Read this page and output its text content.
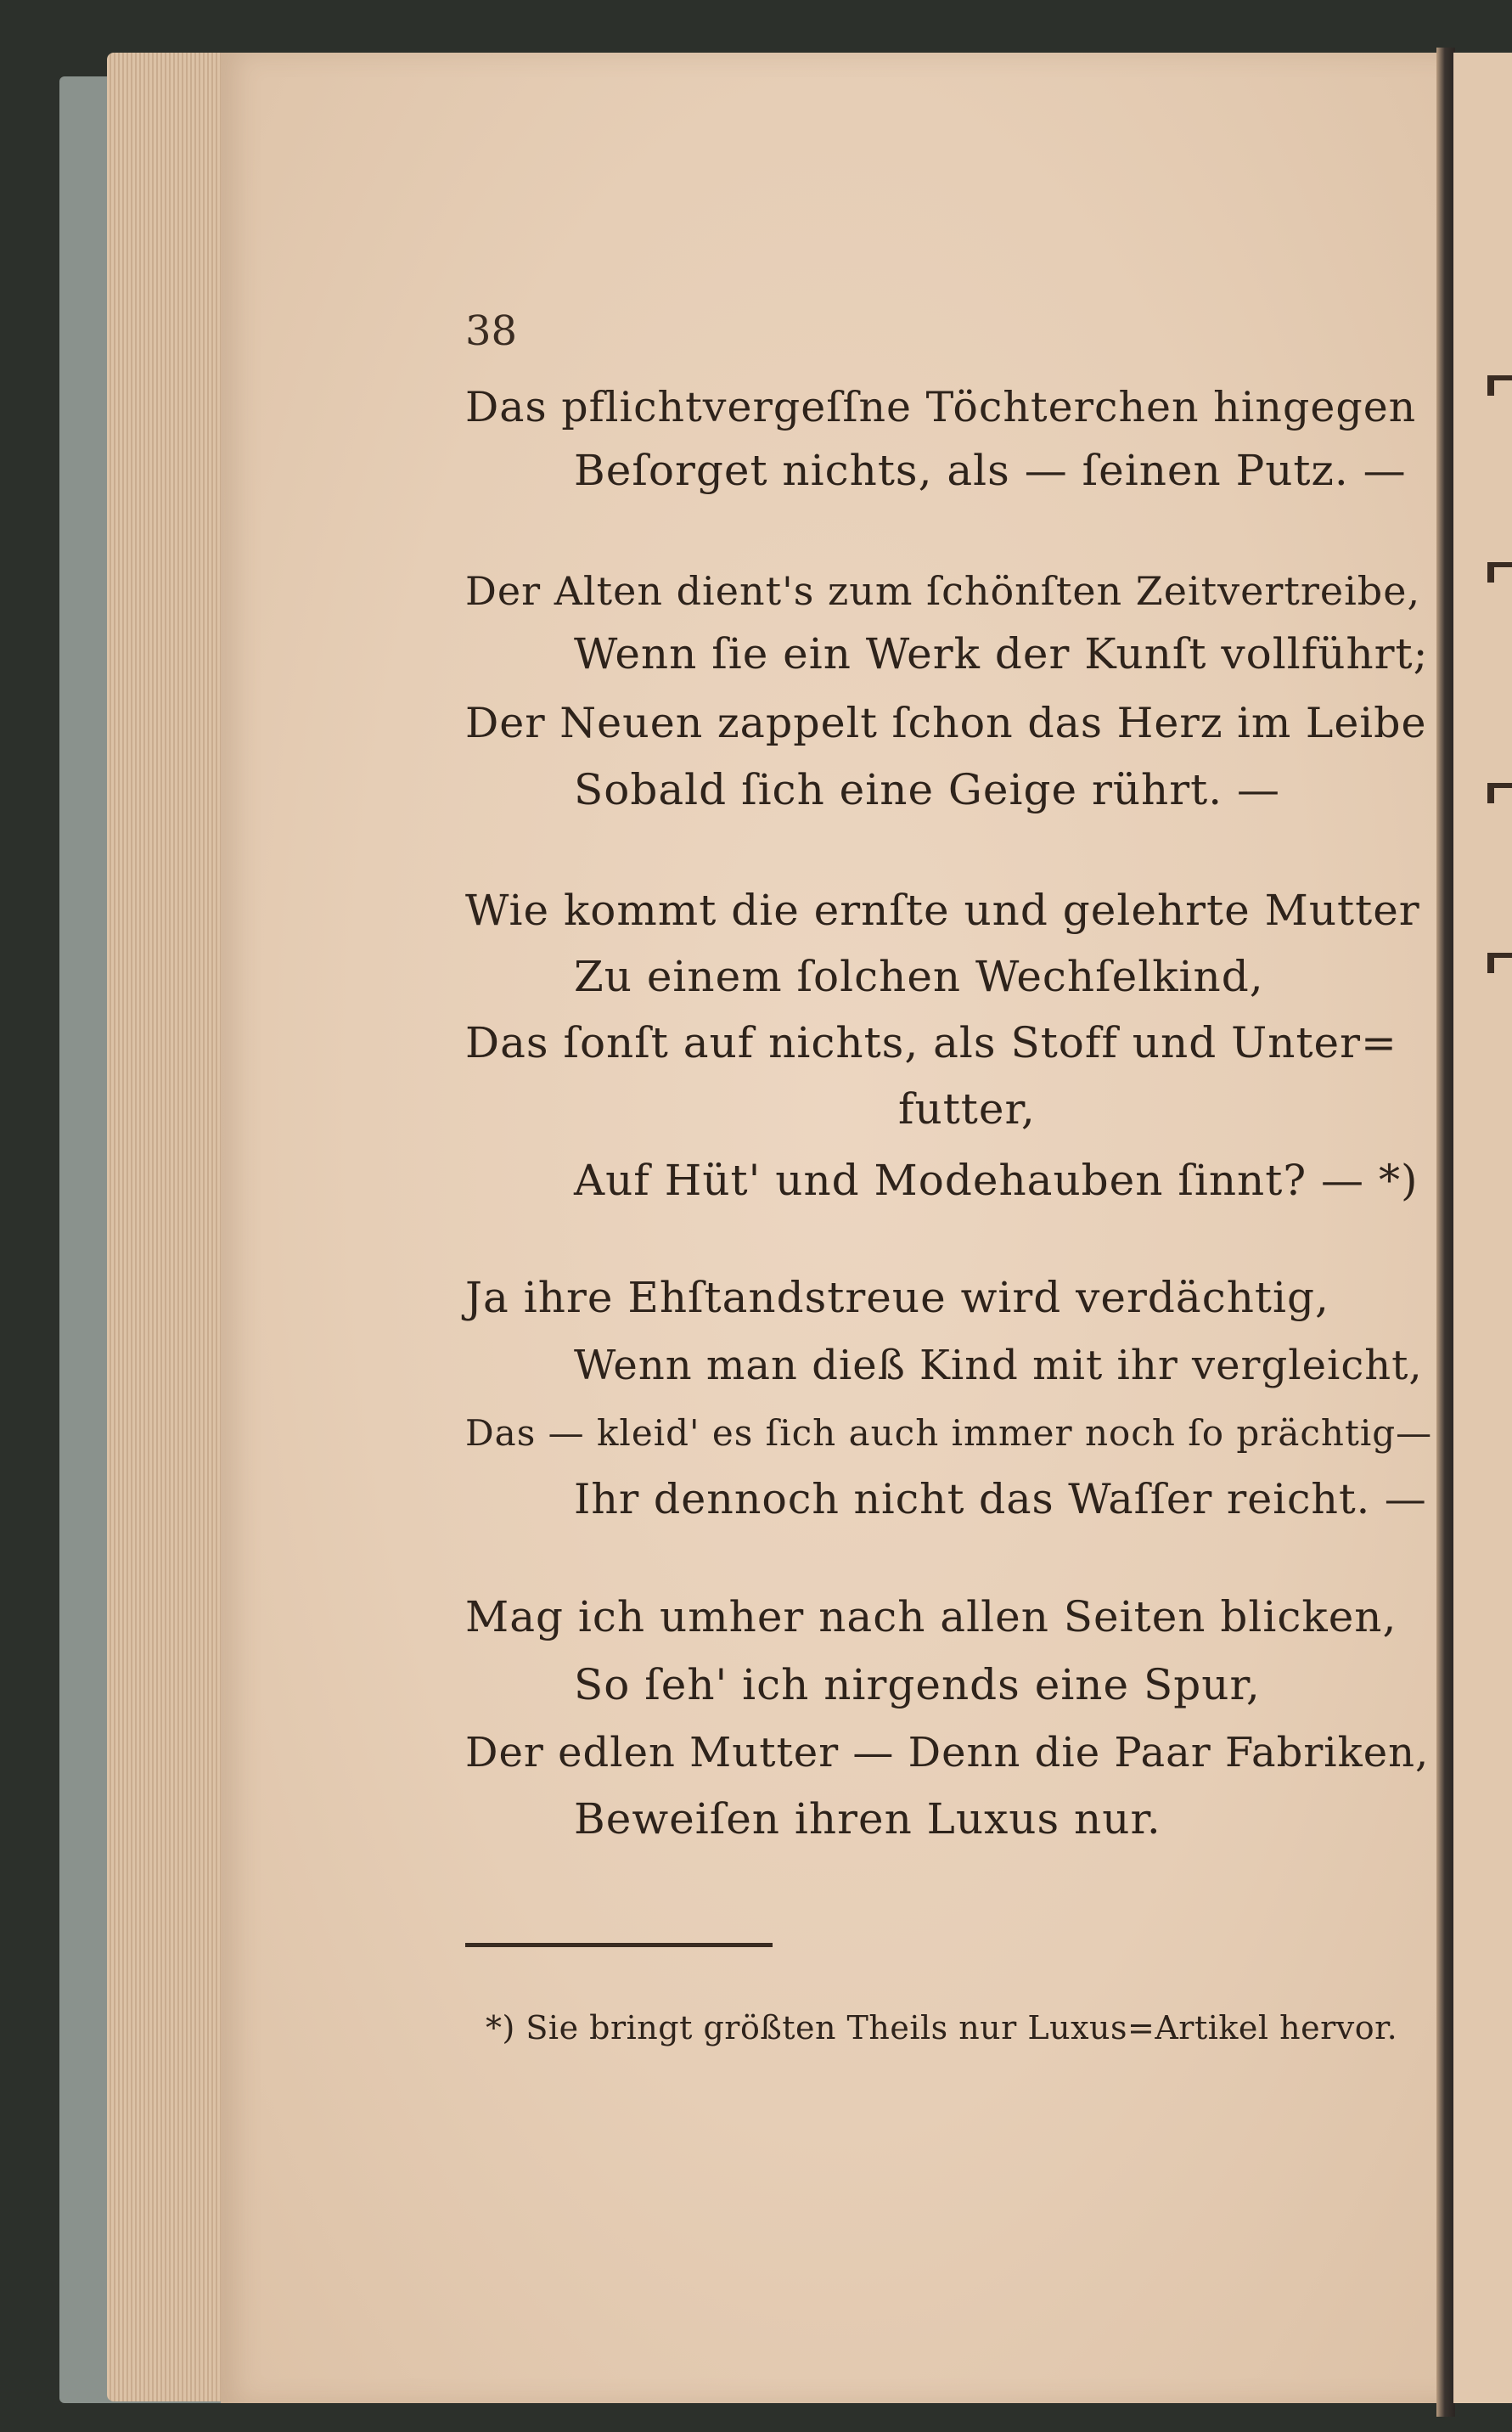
38
Das pflichtvergeſſne Töchterchen hingegen
Beſorget nichts, als — ſeinen Putz. —
Der Alten dient's zum ſchönſten Zeitvertreibe,
Wenn ſie ein Werk der Kunſt vollführt;
Der Neuen zappelt ſchon das Herz im Leibe
Sobald ſich eine Geige rührt. —
Wie kommt die ernſte und gelehrte Mutter
Zu einem ſolchen Wechſelkind,
Das ſonſt auf nichts, als Stoff und Unter=
futter,
Auf Hüt' und Modehauben ſinnt? — *)
Ja ihre Ehſtandstreue wird verdächtig,
Wenn man dieß Kind mit ihr vergleicht,
Das — kleid' es ſich auch immer noch ſo prächtig—
Ihr dennoch nicht das Waſſer reicht. —
Mag ich umher nach allen Seiten blicken,
So ſeh' ich nirgends eine Spur,
Der edlen Mutter — Denn die Paar Fabriken,
Beweiſen ihren Luxus nur.
*) Sie bringt größten Theils nur Luxus=Artikel hervor.
